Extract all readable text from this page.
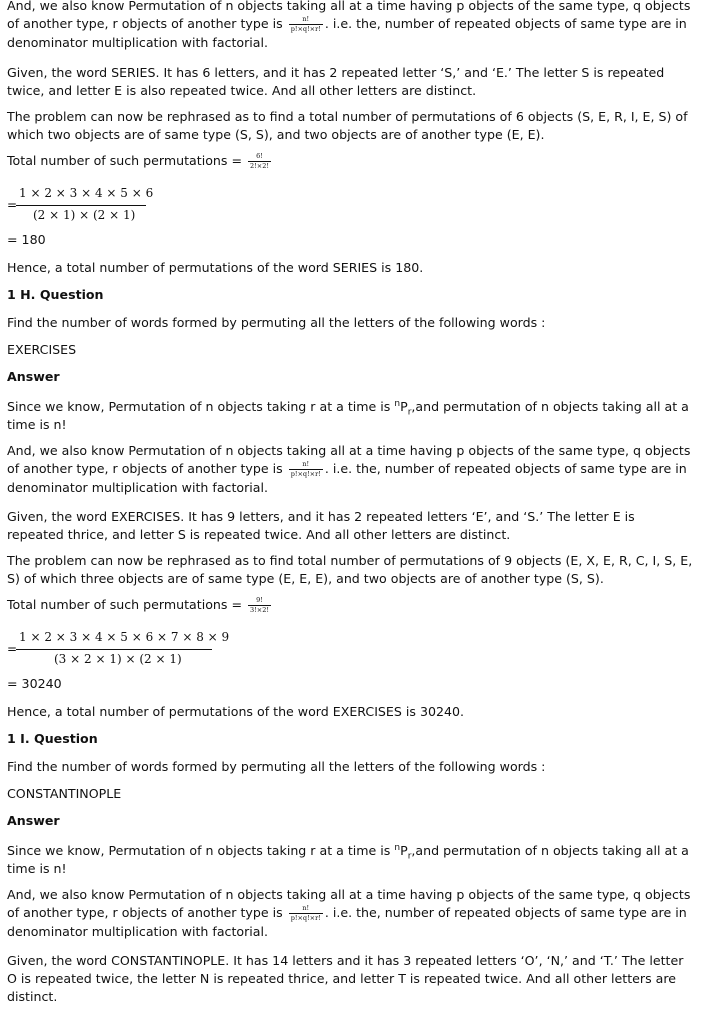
And, we also know Permutation of n objects taking all at a time having p objects of the same type, q objects of another type, r objects of another type is $\frac{n!}{p!\times q!\times r!}$ . i.e. the, number of repeated objects of same type are in denominator multiplication with factorial.

Given, the word SERIES. It has 6 letters, and it has 2 repeated letter ‘S,’ and ‘E.’ The letter S is repeated twice, and letter E is also repeated twice. And all other letters are distinct.

The problem can now be rephrased as to find a total number of permutations of 6 objects (S, E, R, I, E, S) of which two objects are of same type (S, S), and two objects are of another type (E, E).

Total number of such permutations = $\frac{6!}{2!\times 2!}$

=
1 × 2 × 3 × 4 × 5 × 6
(2 × 1) × (2 × 1)

= 180

Hence, a total number of permutations of the word SERIES is 180.

1 H. Question

Find the number of words formed by permuting all the letters of the following words :

EXERCISES

Answer

Since we know, Permutation of n objects taking r at a time is $^nP_r,and$ permutation of n objects taking all at a time is n!

And, we also know Permutation of n objects taking all at a time having p objects of the same type, q objects of another type, r objects of another type is $\frac{n!}{p!\times q!\times r!}$ . i.e. the, number of repeated objects of same type are in denominator multiplication with factorial.

Given, the word EXERCISES. It has 9 letters, and it has 2 repeated letters ‘E’, and ‘S.’ The letter E is repeated thrice, and letter S is repeated twice. And all other letters are distinct.

The problem can now be rephrased as to find total number of permutations of 9 objects (E, X, E, R, C, I, S, E, S) of which three objects are of same type (E, E, E), and two objects are of another type (S, S).

Total number of such permutations = $\frac{9!}{3!\times 2!}$

=
1 × 2 × 3 × 4 × 5 × 6 × 7 × 8 × 9
(3 × 2 × 1) × (2 × 1)

= 30240

Hence, a total number of permutations of the word EXERCISES is 30240.

1 I. Question

Find the number of words formed by permuting all the letters of the following words :

CONSTANTINOPLE

Answer

Since we know, Permutation of n objects taking r at a time is $^nP_r,and$ permutation of n objects taking all at a time is n!

And, we also know Permutation of n objects taking all at a time having p objects of the same type, q objects of another type, r objects of another type is $\frac{n!}{p!\times q!\times r!}$ . i.e. the, number of repeated objects of same type are in denominator multiplication with factorial.

Given, the word CONSTANTINOPLE. It has 14 letters and it has 3 repeated letters ‘O’, ‘N,’ and ‘T.’ The letter O is repeated twice, the letter N is repeated thrice, and letter T is repeated twice. And all other letters are distinct.
